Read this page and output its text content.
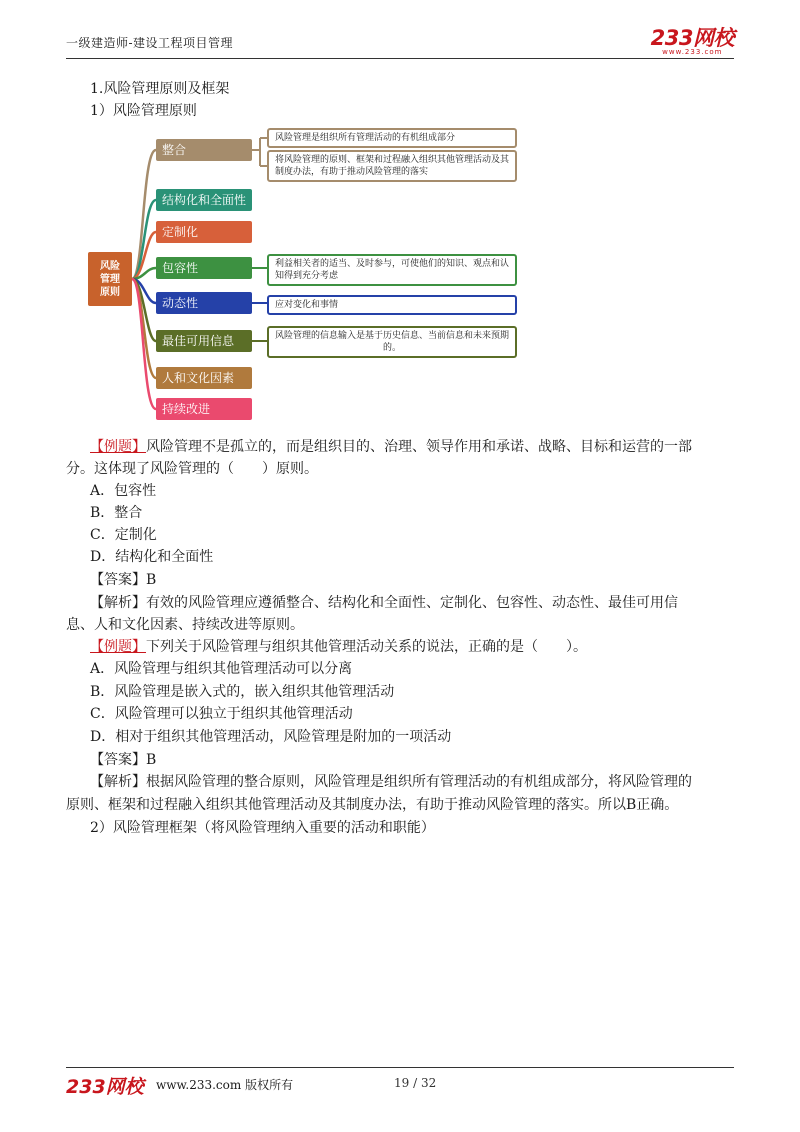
一级建造师-建设工程项目管理	233网校
www.233.com
1.风险管理原则及框架
1）风险管理原则
风险
管理
原则
整合
结构化和全面性
定制化
包容性
动态性
最佳可用信息
人和文化因素
持续改进
风险管理是组织所有管理活动的有机组成部分
将风险管理的原则、框架和过程融入组织其他管理活动及其制度办法，有助于推动风险管理的落实
利益相关者的适当、及时参与，可使他们的知识、观点和认知得到充分考虑
应对变化和事情
风险管理的信息输入是基于历史信息、当前信息和未来预期的。
【例题】风险管理不是孤立的，而是组织目的、治理、领导作用和承诺、战略、目标和运营的一部
分。这体现了风险管理的（　　）原则。
A．包容性
B．整合
C．定制化
D．结构化和全面性
【答案】B
【解析】有效的风险管理应遵循整合、结构化和全面性、定制化、包容性、动态性、最佳可用信
息、人和文化因素、持续改进等原则。
【例题】下列关于风险管理与组织其他管理活动关系的说法，正确的是（　　）。
A．风险管理与组织其他管理活动可以分离
B．风险管理是嵌入式的，嵌入组织其他管理活动
C．风险管理可以独立于组织其他管理活动
D．相对于组织其他管理活动，风险管理是附加的一项活动
【答案】B
【解析】根据风险管理的整合原则，风险管理是组织所有管理活动的有机组成部分，将风险管理的
原则、框架和过程融入组织其他管理活动及其制度办法，有助于推动风险管理的落实。所以B正确。
2）风险管理框架（将风险管理纳入重要的活动和职能）
233网校 www.233.com 版权所有	19 / 32
